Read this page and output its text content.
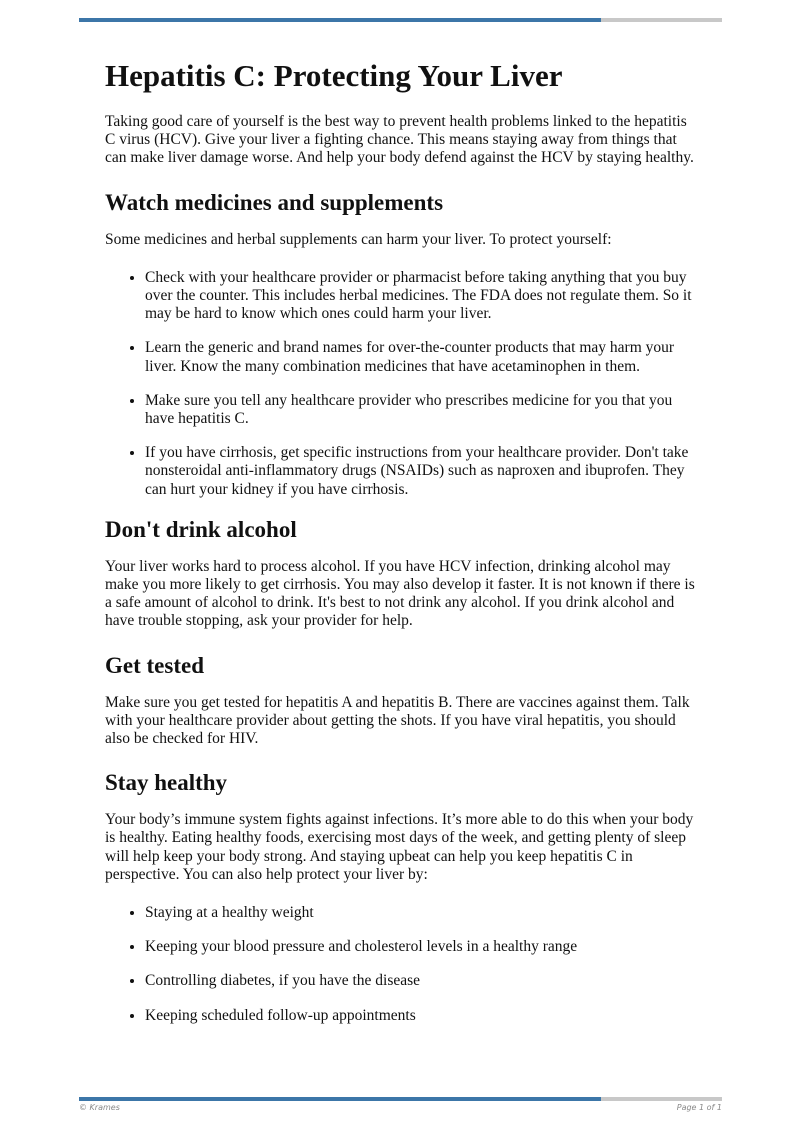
Hepatitis C: Protecting Your Liver

Taking good care of yourself is the best way to prevent health problems linked to the hepatitis C virus (HCV). Give your liver a fighting chance. This means staying away from things that can make liver damage worse. And help your body defend against the HCV by staying healthy.

Watch medicines and supplements

Some medicines and herbal supplements can harm your liver. To protect yourself:

• Check with your healthcare provider or pharmacist before taking anything that you buy over the counter. This includes herbal medicines. The FDA does not regulate them. So it may be hard to know which ones could harm your liver.
• Learn the generic and brand names for over-the-counter products that may harm your liver. Know the many combination medicines that have acetaminophen in them.
• Make sure you tell any healthcare provider who prescribes medicine for you that you have hepatitis C.
• If you have cirrhosis, get specific instructions from your healthcare provider. Don't take nonsteroidal anti-inflammatory drugs (NSAIDs) such as naproxen and ibuprofen. They can hurt your kidney if you have cirrhosis.
Don't drink alcohol

Your liver works hard to process alcohol. If you have HCV infection, drinking alcohol may make you more likely to get cirrhosis. You may also develop it faster. It is not known if there is a safe amount of alcohol to drink. It's best to not drink any alcohol. If you drink alcohol and have trouble stopping, ask your provider for help.

Get tested

Make sure you get tested for hepatitis A and hepatitis B. There are vaccines against them. Talk with your healthcare provider about getting the shots. If you have viral hepatitis, you should also be checked for HIV.

Stay healthy

Your body’s immune system fights against infections. It’s more able to do this when your body is healthy. Eating healthy foods, exercising most days of the week, and getting plenty of sleep will help keep your body strong. And staying upbeat can help you keep hepatitis C in perspective. You can also help protect your liver by:

• Staying at a healthy weight
• Keeping your blood pressure and cholesterol levels in a healthy range
• Controlling diabetes, if you have the disease
• Keeping scheduled follow-up appointments
© Krames	Page 1 of 1
